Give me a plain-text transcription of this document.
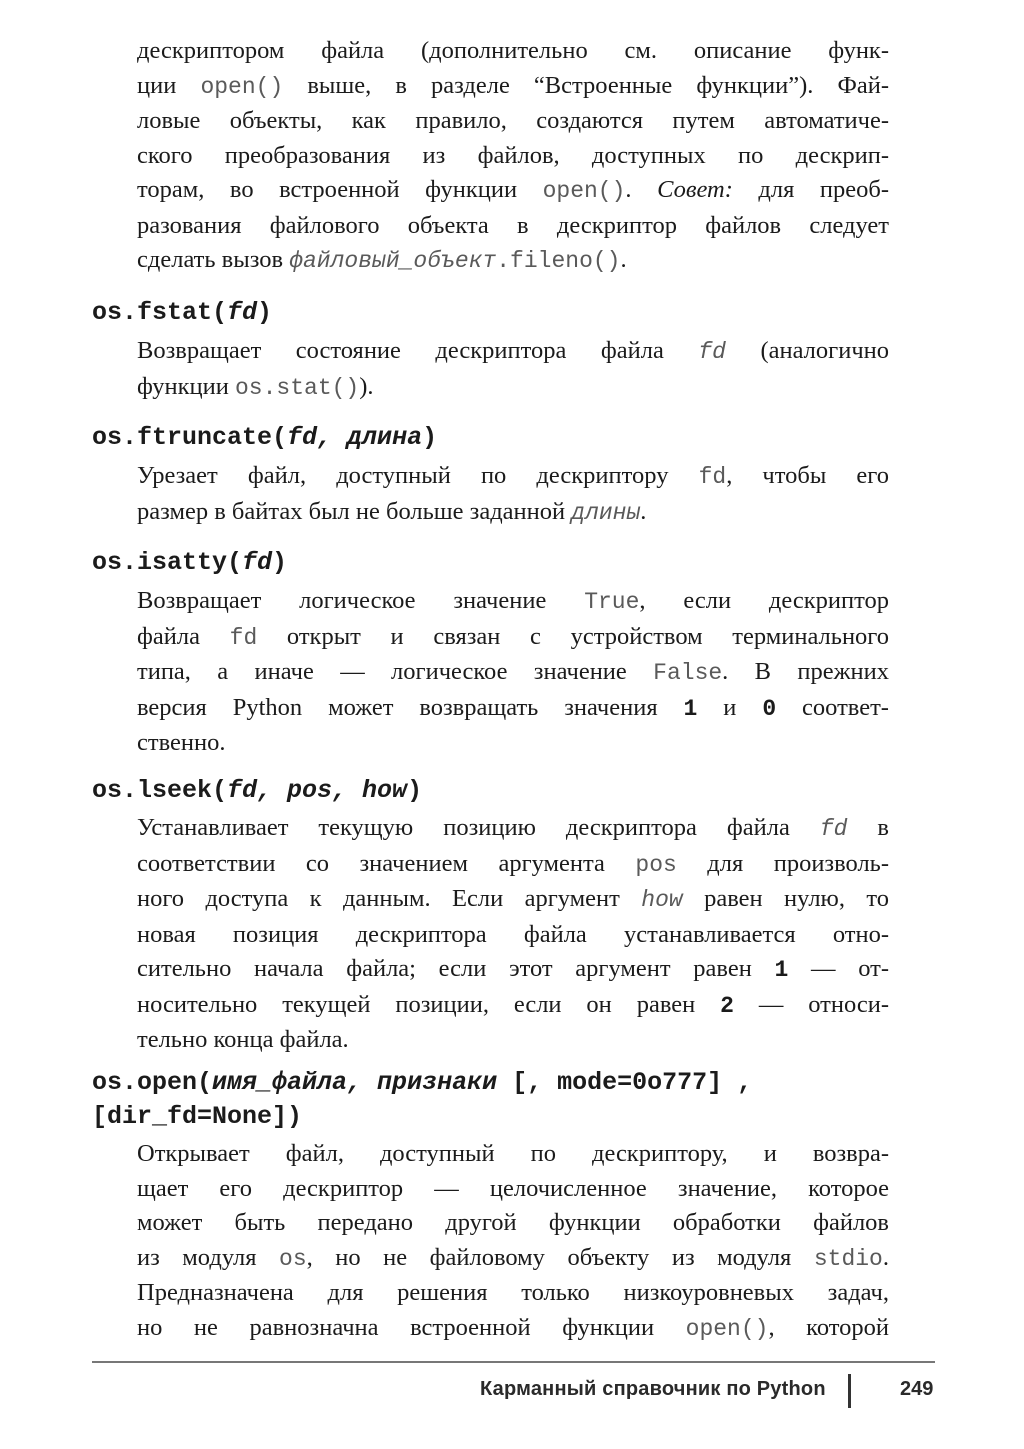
дескриптором файла (дополнительно см. описание функ-
ции open() выше, в разделе “Встроенные функции”). Фай-
ловые объекты, как правило, создаются путем автоматиче-
ского преобразования из файлов, доступных по дескрип-
торам, во встроенной функции open(). Совет: для преоб-
разования файлового объекта в дескриптор файлов следует
сделать вызов файловый_объект.fileno().
os.fstat(fd)
Возвращает состояние дескриптора файла fd (аналогично
функции os.stat()).
os.ftruncate(fd, длина)
Урезает файл, доступный по дескриптору fd, чтобы его
размер в байтах был не больше заданной длины.
os.isatty(fd)
Возвращает логическое значение True, если дескриптор
файла fd открыт и связан с устройством терминального
типа, а иначе — логическое значение False. В прежних
версия Python может возвращать значения 1 и 0 соответ-
ственно.
os.lseek(fd, pos, how)
Устанавливает текущую позицию дескриптора файла fd в
соответствии со значением аргумента pos для произволь-
ного доступа к данным. Если аргумент how равен нулю, то
новая позиция дескриптора файла устанавливается отно-
сительно начала файла; если этот аргумент равен 1 — от-
носительно текущей позиции, если он равен 2 — относи-
тельно конца файла.
os.open(имя_файла, признаки [, mode=0o777] ,
[dir_fd=None])
Открывает файл, доступный по дескриптору, и возвра-
щает его дескриптор — целочисленное значение, которое
может быть передано другой функции обработки файлов
из модуля os, но не файловому объекту из модуля stdio.
Предназначена для решения только низкоуровневых задач,
но не равнозначна встроенной функции open(), которой
Карманный справочник по Python	249
